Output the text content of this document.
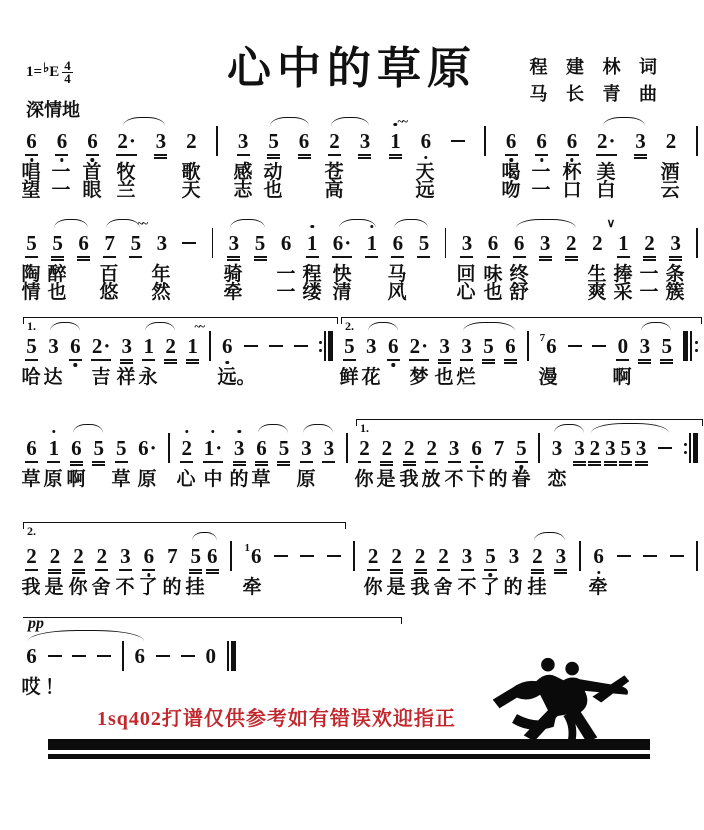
心中的草原
1= ♭ E $\frac{4}{4}$
深情地
程 建 林 词
马 长 青 曲
6 6 6 2 · 3 2 3 5 6 2 3 1 6	6 6 6 2 · 3 2
~~
唱 一 首 牧 歌 感 动 苍	天	喝 一 杯 美 酒
望 一 眼 兰 天 志 也 高	远	吻 一 口 白 云
5 5 6 7 5 3	3 5 6 1 6 · 1 6 5 3 6 6 3 2 2 1 2 3
~~	∨
陶 醉 百 年	骑 一 程 快 马	回 味 终	生 捧 一 条
情 也 悠 然	牵 一 缕 清 风	心 也 舒	爽 采 一 簇
5 3 6 2 · 3 1 2 1 6	5 3 6 2 · 3 3 5 6 7 6	0 3 5
~~
1.	2.
哈 达 吉 祥 永	远。	鲜 花 梦 也 烂	漫	啊
6 1 6 5 5 6 · 2 1 · 3 6 5 3 3 2 2 2 2 3 6 7 5 3 3 2 3 5 3
1.
草 原 啊 草 原 心 中 的 草 原 你 是 我 放 不 下 的 眷 恋
2 2 2 2 3 6 7 5 6 1 6	2 2 2 2 3 5 3 2 3 6
2.
我 是 你 舍 不 了 的 挂 牵	你 是 我 舍 不 了 的 挂 牵
6	6	0
哎 ！
pp
1sq402打谱仅供参考如有错误欢迎指正
